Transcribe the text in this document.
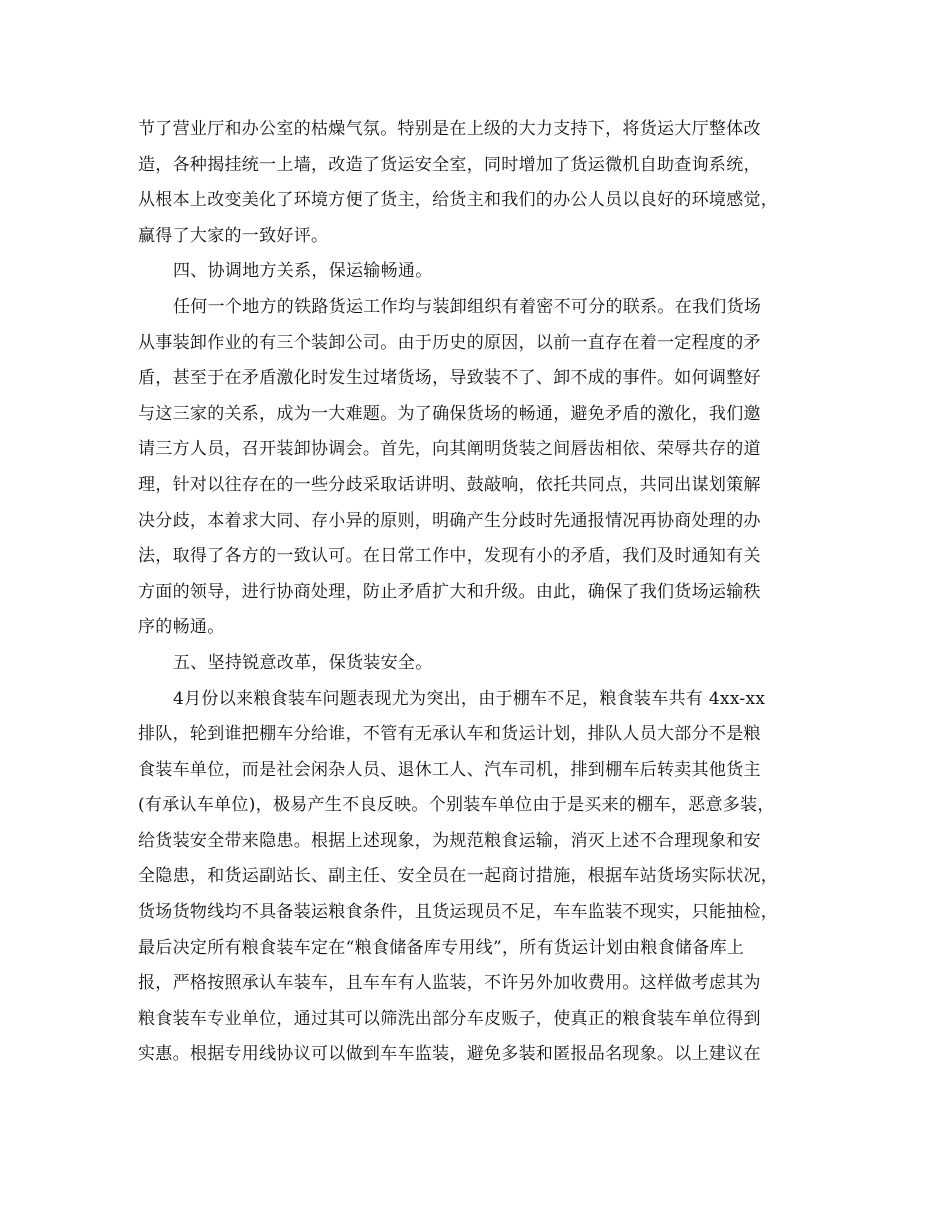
节了营业厅和办公室的枯燥气氛。特别是在上级的大力支持下，将货运大厅整体改
造，各种揭挂统一上墙，改造了货运安全室，同时增加了货运微机自助查询系统，
从根本上改变美化了环境方便了货主，给货主和我们的办公人员以良好的环境感觉，
赢得了大家的一致好评。
四、协调地方关系，保运输畅通。
任何一个地方的铁路货运工作均与装卸组织有着密不可分的联系。在我们货场
从事装卸作业的有三个装卸公司。由于历史的原因，以前一直存在着一定程度的矛
盾，甚至于在矛盾激化时发生过堵货场，导致装不了、卸不成的事件。如何调整好
与这三家的关系，成为一大难题。为了确保货场的畅通，避免矛盾的激化，我们邀
请三方人员，召开装卸协调会。首先，向其阐明货装之间唇齿相依、荣辱共存的道
理，针对以往存在的一些分歧采取话讲明、鼓敲响，依托共同点，共同出谋划策解
决分歧，本着求大同、存小异的原则，明确产生分歧时先通报情况再协商处理的办
法，取得了各方的一致认可。在日常工作中，发现有小的矛盾，我们及时通知有关
方面的领导，进行协商处理，防止矛盾扩大和升级。由此，确保了我们货场运输秩
序的畅通。
五、坚持锐意改革，保货装安全。
4月份以来粮食装车问题表现尤为突出，由于棚车不足，粮食装车共有 4xx-xx
排队，轮到谁把棚车分给谁，不管有无承认车和货运计划，排队人员大部分不是粮
食装车单位，而是社会闲杂人员、退休工人、汽车司机，排到棚车后转卖其他货主
(有承认车单位)，极易产生不良反映。个别装车单位由于是买来的棚车，恶意多装，
给货装安全带来隐患。根据上述现象，为规范粮食运输，消灭上述不合理现象和安
全隐患，和货运副站长、副主任、安全员在一起商讨措施，根据车站货场实际状况，
货场货物线均不具备装运粮食条件，且货运现员不足，车车监装不现实，只能抽检，
最后决定所有粮食装车定在“粮食储备库专用线”，所有货运计划由粮食储备库上
报，严格按照承认车装车，且车车有人监装，不许另外加收费用。这样做考虑其为
粮食装车专业单位，通过其可以筛洗出部分车皮贩子，使真正的粮食装车单位得到
实惠。根据专用线协议可以做到车车监装，避免多装和匿报品名现象。以上建议在
